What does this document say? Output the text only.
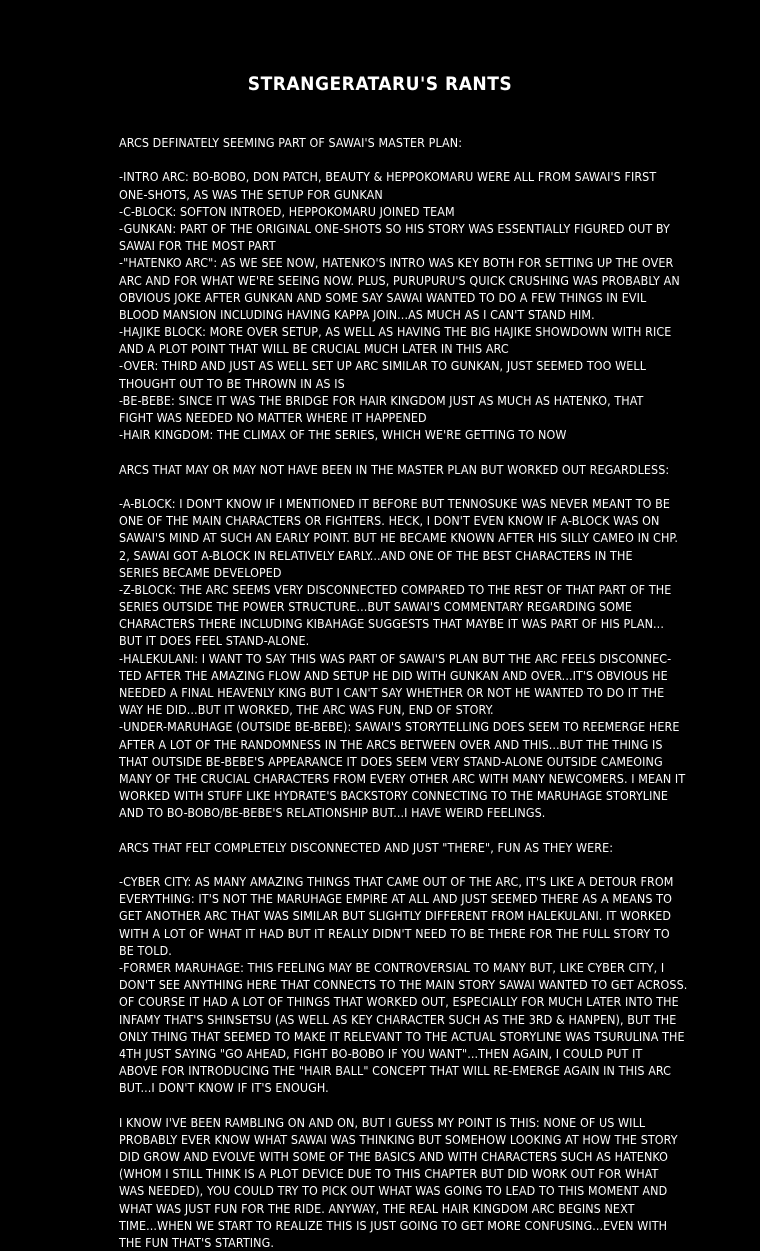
STRANGERATARU'S RANTS
ARCS DEFINATELY SEEMING PART OF SAWAI'S MASTER PLAN:
-INTRO ARC: BO-BOBO, DON PATCH, BEAUTY & HEPPOKOMARU WERE ALL FROM SAWAI'S FIRST
ONE-SHOTS, AS WAS THE SETUP FOR GUNKAN
-C-BLOCK: SOFTON INTROED, HEPPOKOMARU JOINED TEAM
-GUNKAN: PART OF THE ORIGINAL ONE-SHOTS SO HIS STORY WAS ESSENTIALLY FIGURED OUT BY
SAWAI FOR THE MOST PART
-"HATENKO ARC": AS WE SEE NOW, HATENKO'S INTRO WAS KEY BOTH FOR SETTING UP THE OVER
ARC AND FOR WHAT WE'RE SEEING NOW. PLUS, PURUPURU'S QUICK CRUSHING WAS PROBABLY AN
OBVIOUS JOKE AFTER GUNKAN AND SOME SAY SAWAI WANTED TO DO A FEW THINGS IN EVIL
BLOOD MANSION INCLUDING HAVING KAPPA JOIN...AS MUCH AS I CAN'T STAND HIM.
-HAJIKE BLOCK: MORE OVER SETUP, AS WELL AS HAVING THE BIG HAJIKE SHOWDOWN WITH RICE
AND A PLOT POINT THAT WILL BE CRUCIAL MUCH LATER IN THIS ARC
-OVER: THIRD AND JUST AS WELL SET UP ARC SIMILAR TO GUNKAN, JUST SEEMED TOO WELL
THOUGHT OUT TO BE THROWN IN AS IS
-BE-BEBE: SINCE IT WAS THE BRIDGE FOR HAIR KINGDOM JUST AS MUCH AS HATENKO, THAT
FIGHT WAS NEEDED NO MATTER WHERE IT HAPPENED
-HAIR KINGDOM: THE CLIMAX OF THE SERIES, WHICH WE'RE GETTING TO NOW
ARCS THAT MAY OR MAY NOT HAVE BEEN IN THE MASTER PLAN BUT WORKED OUT REGARDLESS:
-A-BLOCK: I DON'T KNOW IF I MENTIONED IT BEFORE BUT TENNOSUKE WAS NEVER MEANT TO BE
ONE OF THE MAIN CHARACTERS OR FIGHTERS. HECK, I DON'T EVEN KNOW IF A-BLOCK WAS ON
SAWAI'S MIND AT SUCH AN EARLY POINT. BUT HE BECAME KNOWN AFTER HIS SILLY CAMEO IN CHP.
2, SAWAI GOT A-BLOCK IN RELATIVELY EARLY...AND ONE OF THE BEST CHARACTERS IN THE
SERIES BECAME DEVELOPED
-Z-BLOCK: THE ARC SEEMS VERY DISCONNECTED COMPARED TO THE REST OF THAT PART OF THE
SERIES OUTSIDE THE POWER STRUCTURE...BUT SAWAI'S COMMENTARY REGARDING SOME
CHARACTERS THERE INCLUDING KIBAHAGE SUGGESTS THAT MAYBE IT WAS PART OF HIS PLAN...
BUT IT DOES FEEL STAND-ALONE.
-HALEKULANI: I WANT TO SAY THIS WAS PART OF SAWAI'S PLAN BUT THE ARC FEELS DISCONNEC-
TED AFTER THE AMAZING FLOW AND SETUP HE DID WITH GUNKAN AND OVER...IT'S OBVIOUS HE
NEEDED A FINAL HEAVENLY KING BUT I CAN'T SAY WHETHER OR NOT HE WANTED TO DO IT THE
WAY HE DID...BUT IT WORKED, THE ARC WAS FUN, END OF STORY.
-UNDER-MARUHAGE (OUTSIDE BE-BEBE): SAWAI'S STORYTELLING DOES SEEM TO REEMERGE HERE
AFTER A LOT OF THE RANDOMNESS IN THE ARCS BETWEEN OVER AND THIS...BUT THE THING IS
THAT OUTSIDE BE-BEBE'S APPEARANCE IT DOES SEEM VERY STAND-ALONE OUTSIDE CAMEOING
MANY OF THE CRUCIAL CHARACTERS FROM EVERY OTHER ARC WITH MANY NEWCOMERS. I MEAN IT
WORKED WITH STUFF LIKE HYDRATE'S BACKSTORY CONNECTING TO THE MARUHAGE STORYLINE
AND TO BO-BOBO/BE-BEBE'S RELATIONSHIP BUT...I HAVE WEIRD FEELINGS.
ARCS THAT FELT COMPLETELY DISCONNECTED AND JUST "THERE", FUN AS THEY WERE:
-CYBER CITY: AS MANY AMAZING THINGS THAT CAME OUT OF THE ARC, IT'S LIKE A DETOUR FROM
EVERYTHING: IT'S NOT THE MARUHAGE EMPIRE AT ALL AND JUST SEEMED THERE AS A MEANS TO
GET ANOTHER ARC THAT WAS SIMILAR BUT SLIGHTLY DIFFERENT FROM HALEKULANI. IT WORKED
WITH A LOT OF WHAT IT HAD BUT IT REALLY DIDN'T NEED TO BE THERE FOR THE FULL STORY TO
BE TOLD.
-FORMER MARUHAGE: THIS FEELING MAY BE CONTROVERSIAL TO MANY BUT, LIKE CYBER CITY, I
DON'T SEE ANYTHING HERE THAT CONNECTS TO THE MAIN STORY SAWAI WANTED TO GET ACROSS.
OF COURSE IT HAD A LOT OF THINGS THAT WORKED OUT, ESPECIALLY FOR MUCH LATER INTO THE
INFAMY THAT'S SHINSETSU (AS WELL AS KEY CHARACTER SUCH AS THE 3RD & HANPEN), BUT THE
ONLY THING THAT SEEMED TO MAKE IT RELEVANT TO THE ACTUAL STORYLINE WAS TSURULINA THE
4TH JUST SAYING "GO AHEAD, FIGHT BO-BOBO IF YOU WANT"...THEN AGAIN, I COULD PUT IT
ABOVE FOR INTRODUCING THE "HAIR BALL" CONCEPT THAT WILL RE-EMERGE AGAIN IN THIS ARC
BUT...I DON'T KNOW IF IT'S ENOUGH.
I KNOW I'VE BEEN RAMBLING ON AND ON, BUT I GUESS MY POINT IS THIS: NONE OF US WILL
PROBABLY EVER KNOW WHAT SAWAI WAS THINKING BUT SOMEHOW LOOKING AT HOW THE STORY
DID GROW AND EVOLVE WITH SOME OF THE BASICS AND WITH CHARACTERS SUCH AS HATENKO
(WHOM I STILL THINK IS A PLOT DEVICE DUE TO THIS CHAPTER BUT DID WORK OUT FOR WHAT
WAS NEEDED), YOU COULD TRY TO PICK OUT WHAT WAS GOING TO LEAD TO THIS MOMENT AND
WHAT WAS JUST FUN FOR THE RIDE. ANYWAY, THE REAL HAIR KINGDOM ARC BEGINS NEXT
TIME...WHEN WE START TO REALIZE THIS IS JUST GOING TO GET MORE CONFUSING...EVEN WITH
THE FUN THAT'S STARTING.
